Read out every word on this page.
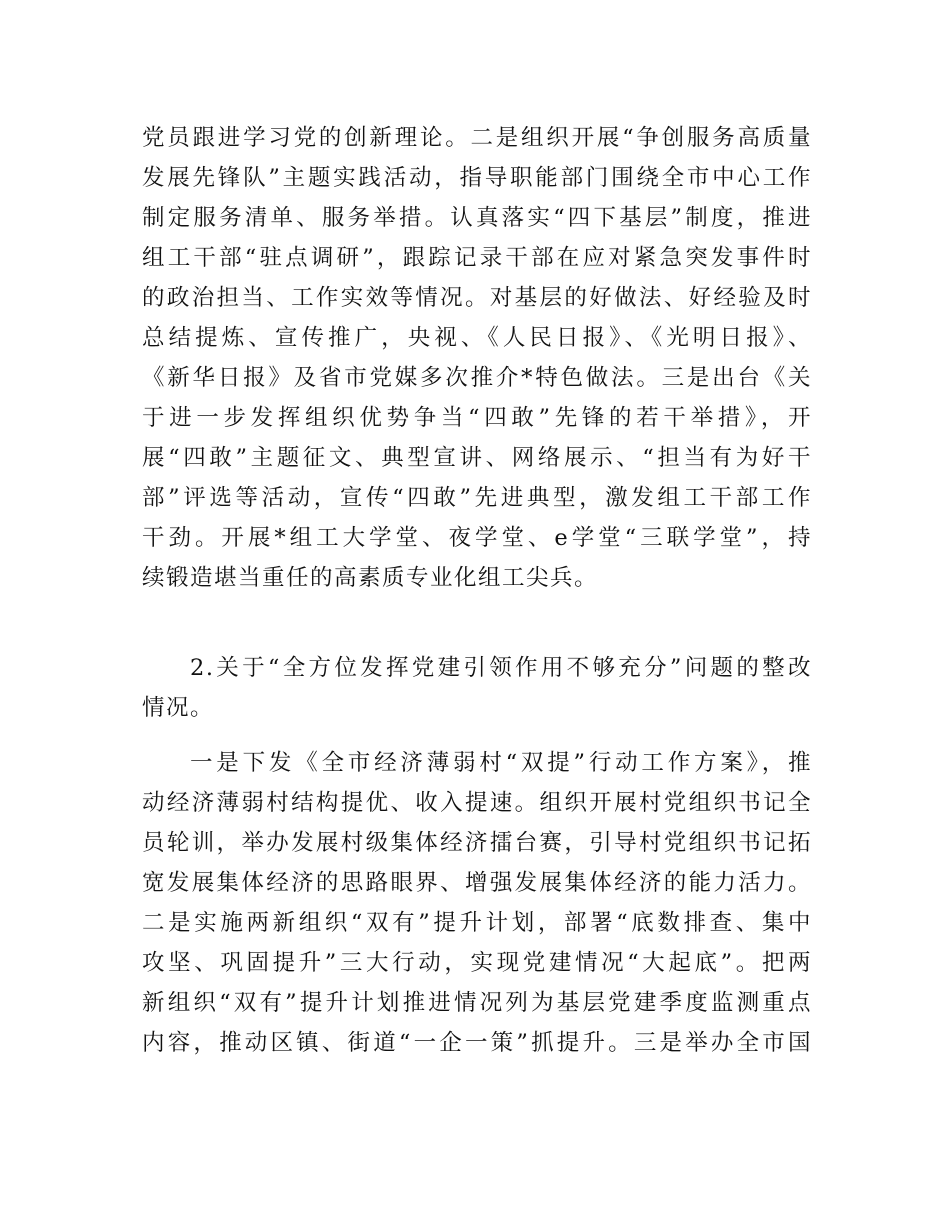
党员跟进学习党的创新理论。二是组织开展“争创服务高质量
发展先锋队”主题实践活动，指导职能部门围绕全市中心工作
制定服务清单、服务举措。认真落实“四下基层”制度，推进
组工干部“驻点调研”，跟踪记录干部在应对紧急突发事件时
的政治担当、工作实效等情况。对基层的好做法、好经验及时
总结提炼、宣传推广，央视、《人民日报》、《光明日报》、
《新华日报》及省市党媒多次推介*特色做法。三是出台《关
于进一步发挥组织优势争当“四敢”先锋的若干举措》，开
展“四敢”主题征文、典型宣讲、网络展示、“担当有为好干
部”评选等活动，宣传“四敢”先进典型，激发组工干部工作
干劲。开展*组工大学堂、夜学堂、e学堂“三联学堂”，持
续锻造堪当重任的高素质专业化组工尖兵。
2.关于“全方位发挥党建引领作用不够充分”问题的整改
情况。
一是下发《全市经济薄弱村“双提”行动工作方案》，推
动经济薄弱村结构提优、收入提速。组织开展村党组织书记全
员轮训，举办发展村级集体经济擂台赛，引导村党组织书记拓
宽发展集体经济的思路眼界、增强发展集体经济的能力活力。
二是实施两新组织“双有”提升计划，部署“底数排查、集中
攻坚、巩固提升”三大行动，实现党建情况“大起底”。把两
新组织“双有”提升计划推进情况列为基层党建季度监测重点
内容，推动区镇、街道“一企一策”抓提升。三是举办全市国
